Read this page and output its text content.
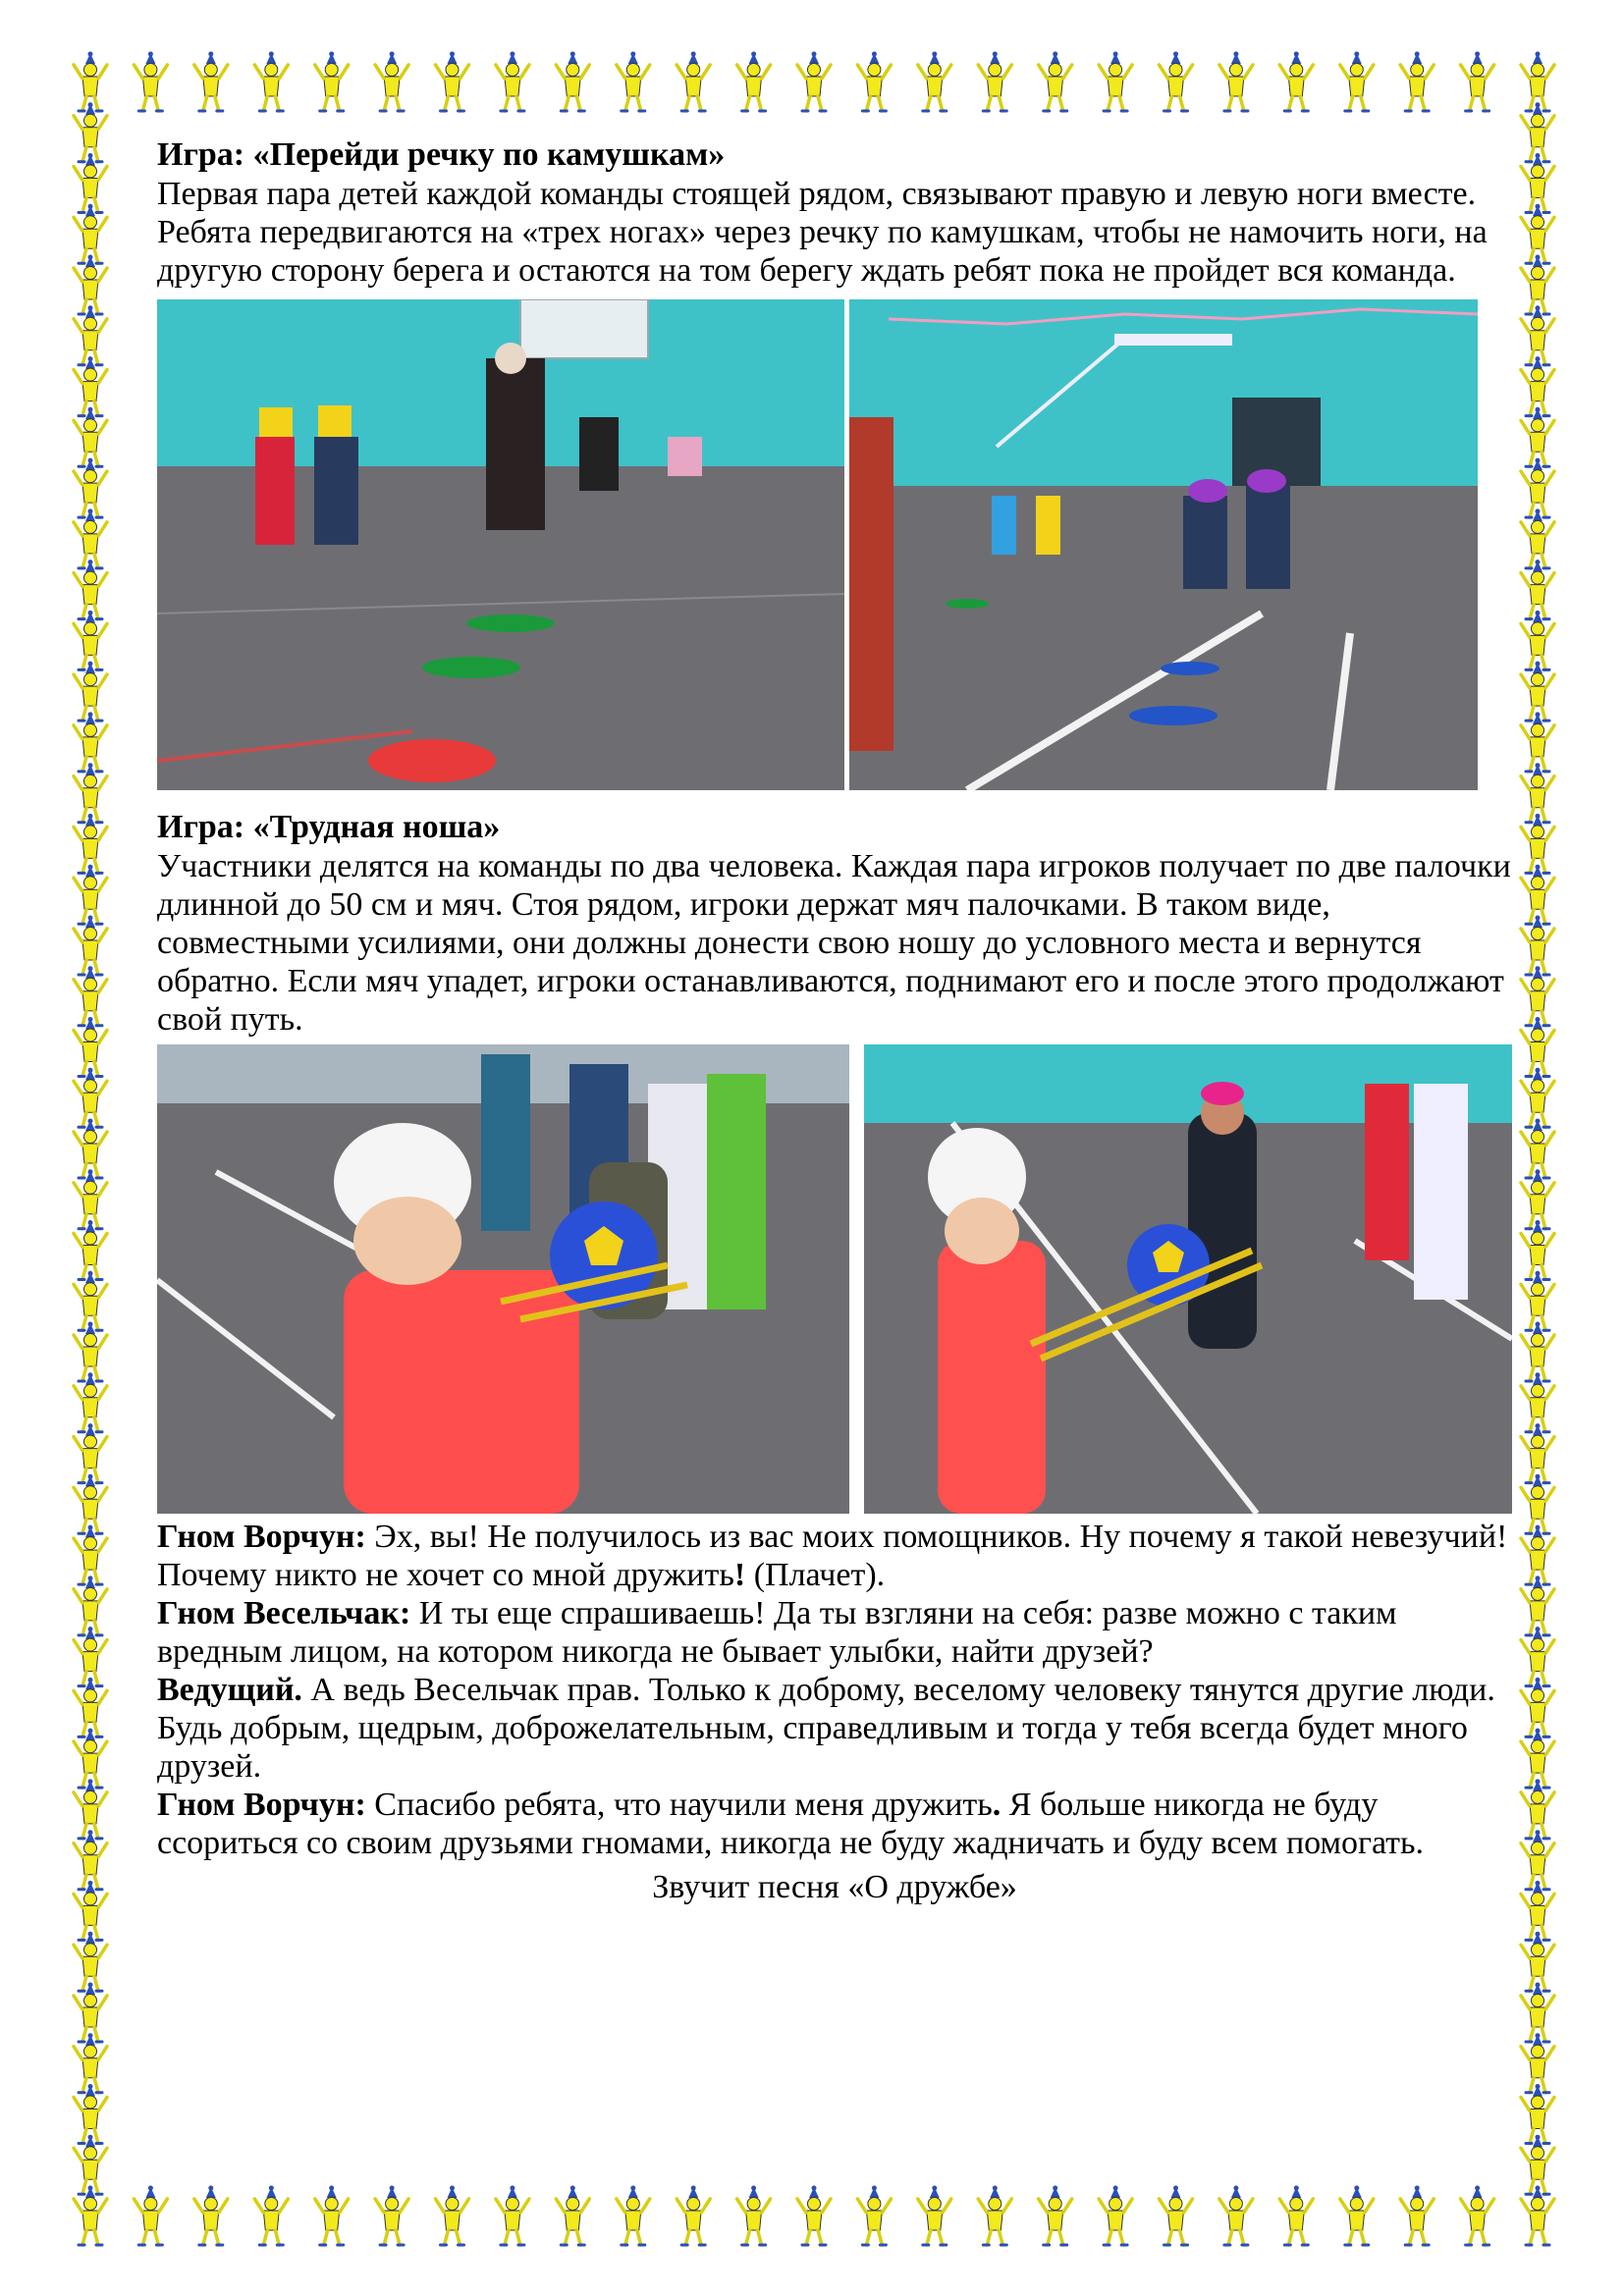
Игра: «Перейди речку по камушкам»

Первая пара детей каждой команды стоящей рядом, связывают правую и левую ноги вместе. Ребята передвигаются на «трех ногах» через речку по камушкам, чтобы не намочить ноги, на другую сторону берега и остаются на том берегу ждать ребят пока не пройдет вся команда.

Игра: «Трудная ноша»

Участники делятся на команды по два человека. Каждая пара игроков получает по две палочки длинной до 50 см и мяч. Стоя рядом, игроки держат мяч палочками. В таком виде, совместными усилиями, они должны донести свою ношу до условного места и вернутся обратно. Если мяч упадет, игроки останавливаются, поднимают его и после этого продолжают свой путь.

Гном Ворчун: Эх, вы! Не получилось из вас моих помощников. Ну почему я такой невезучий! Почему никто не хочет со мной дружить! (Плачет).

Гном Весельчак: И ты еще спрашиваешь! Да ты взгляни на себя: разве можно с таким вредным лицом, на котором никогда не бывает улыбки, найти друзей?

Ведущий. А ведь Весельчак прав. Только к доброму, веселому человеку тянутся другие люди. Будь добрым, щедрым, доброжелательным, справедливым и тогда у тебя всегда будет много друзей.

Гном Ворчун: Спасибо ребята, что научили меня дружить. Я больше никогда не буду ссориться со своим друзьями гномами, никогда не буду жадничать и буду всем помогать.

Звучит песня «О дружбе»
